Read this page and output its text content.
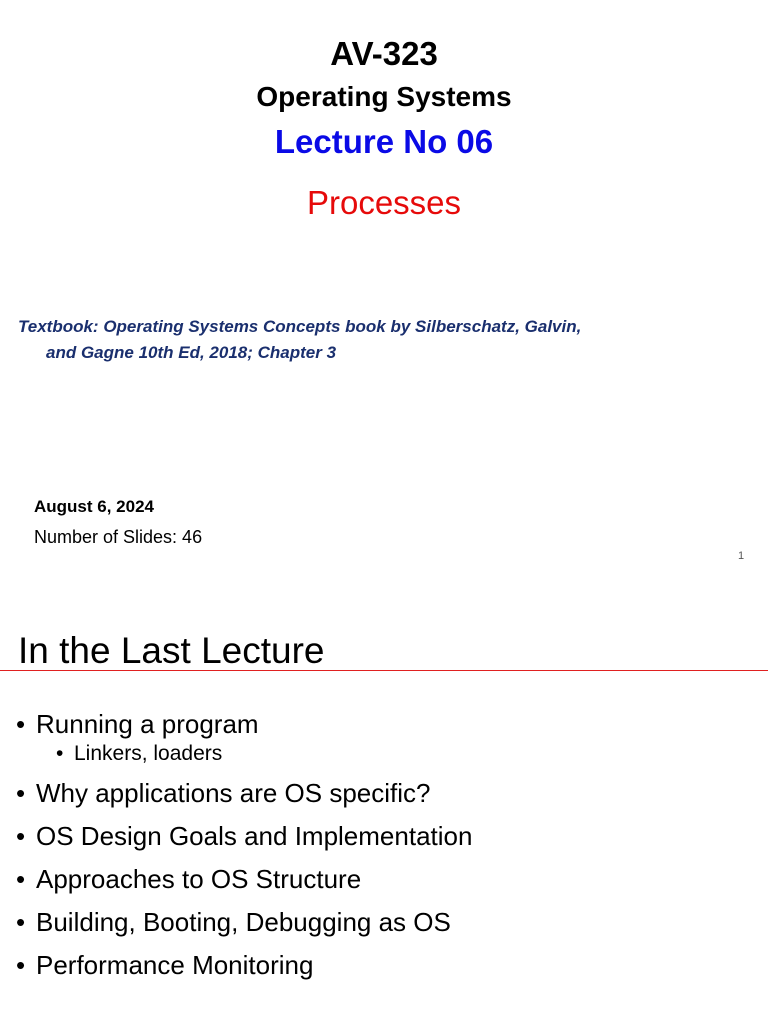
AV-323
Operating Systems
Lecture No 06
Processes
Textbook: Operating Systems Concepts book by Silberschatz, Galvin,
and Gagne 10th Ed, 2018; Chapter 3
August 6, 2024
Number of Slides: 46
1
In the Last Lecture
• Running a program
• Linkers, loaders
• Why applications are OS specific?
• OS Design Goals and Implementation
• Approaches to OS Structure
• Building, Booting, Debugging as OS
• Performance Monitoring
